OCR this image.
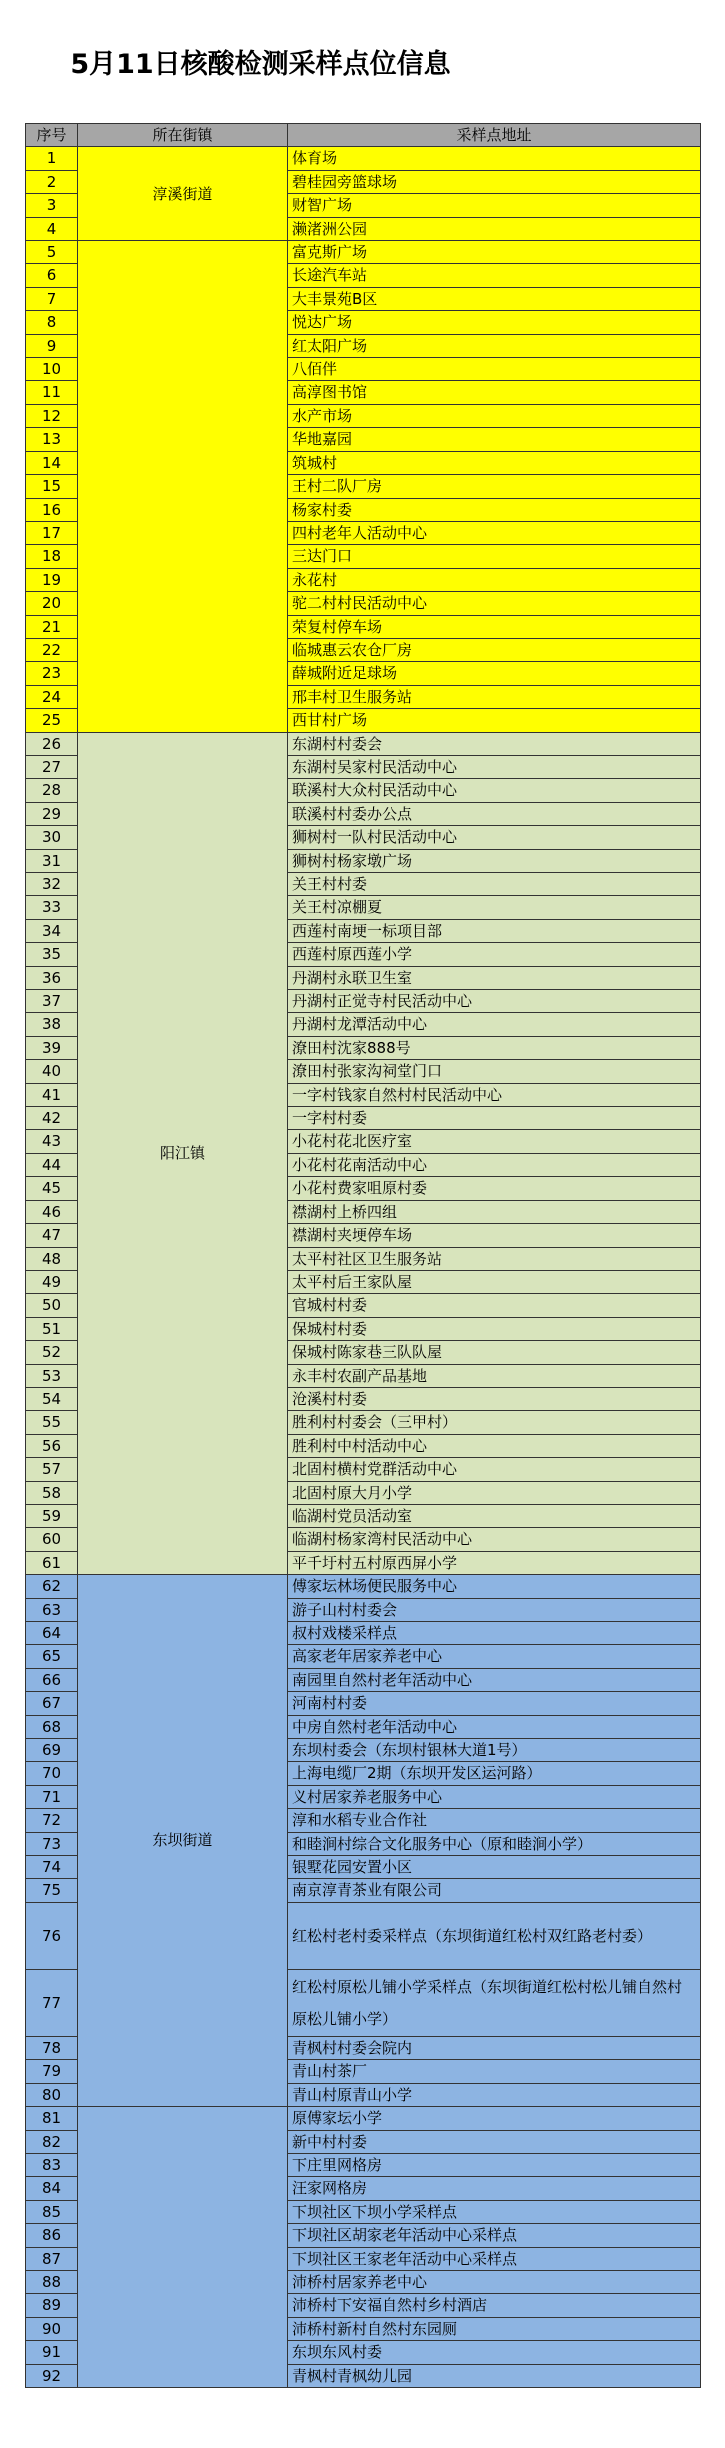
5月11日核酸检测采样点位信息
序号	所在街镇	采样点地址
1	淳溪街道	体育场
2		碧桂园旁篮球场
3		财智广场
4		濑渚洲公园
5		富克斯广场
6		长途汽车站
7		大丰景苑B区
8		悦达广场
9		红太阳广场
10		八佰伴
11		高淳图书馆
12		水产市场
13		华地嘉园
14		筑城村
15		王村二队厂房
16		杨家村委
17		四村老年人活动中心
18		三达门口
19		永花村
20		驼二村村民活动中心
21		荣复村停车场
22		临城惠云农仓厂房
23		薛城附近足球场
24		邢丰村卫生服务站
25		西甘村广场
26	阳江镇	东湖村村委会
27		东湖村吴家村民活动中心
28		联溪村大众村民活动中心
29		联溪村村委办公点
30		狮树村一队村民活动中心
31		狮树村杨家墩广场
32		关王村村委
33		关王村凉棚夏
34		西莲村南埂一标项目部
35		西莲村原西莲小学
36		丹湖村永联卫生室
37		丹湖村正觉寺村民活动中心
38		丹湖村龙潭活动中心
39		潦田村沈家888号
40		潦田村张家沟祠堂门口
41		一字村钱家自然村村民活动中心
42		一字村村委
43		小花村花北医疗室
44		小花村花南活动中心
45		小花村费家咀原村委
46		襟湖村上桥四组
47		襟湖村夹埂停车场
48		太平村社区卫生服务站
49		太平村后王家队屋
50		官城村村委
51		保城村村委
52		保城村陈家巷三队队屋
53		永丰村农副产品基地
54		沧溪村村委
55		胜利村村委会（三甲村）
56		胜利村中村活动中心
57		北固村横村党群活动中心
58		北固村原大月小学
59		临湖村党员活动室
60		临湖村杨家湾村民活动中心
61		平千圩村五村原西屏小学
62	东坝街道	傅家坛林场便民服务中心
63		游子山村村委会
64		叔村戏楼采样点
65		高家老年居家养老中心
66		南园里自然村老年活动中心
67		河南村村委
68		中房自然村老年活动中心
69		东坝村委会（东坝村银林大道1号）
70		上海电缆厂2期（东坝开发区运河路）
71		义村居家养老服务中心
72		淳和水稻专业合作社
73		和睦涧村综合文化服务中心（原和睦涧小学）
74		银墅花园安置小区
75		南京淳青茶业有限公司
76		红松村老村委采样点（东坝街道红松村双红路老村委）
77		红松村原松儿铺小学采样点（东坝街道红松村松儿铺自然村原松儿铺小学）
78		青枫村村委会院内
79		青山村茶厂
80		青山村原青山小学
81		原傅家坛小学
82		新中村村委
83		下庄里网格房
84		汪家网格房
85		下坝社区下坝小学采样点
86		下坝社区胡家老年活动中心采样点
87		下坝社区王家老年活动中心采样点
88		沛桥村居家养老中心
89		沛桥村下安福自然村乡村酒店
90		沛桥村新村自然村东园厕
91		东坝东风村委
92		青枫村青枫幼儿园
